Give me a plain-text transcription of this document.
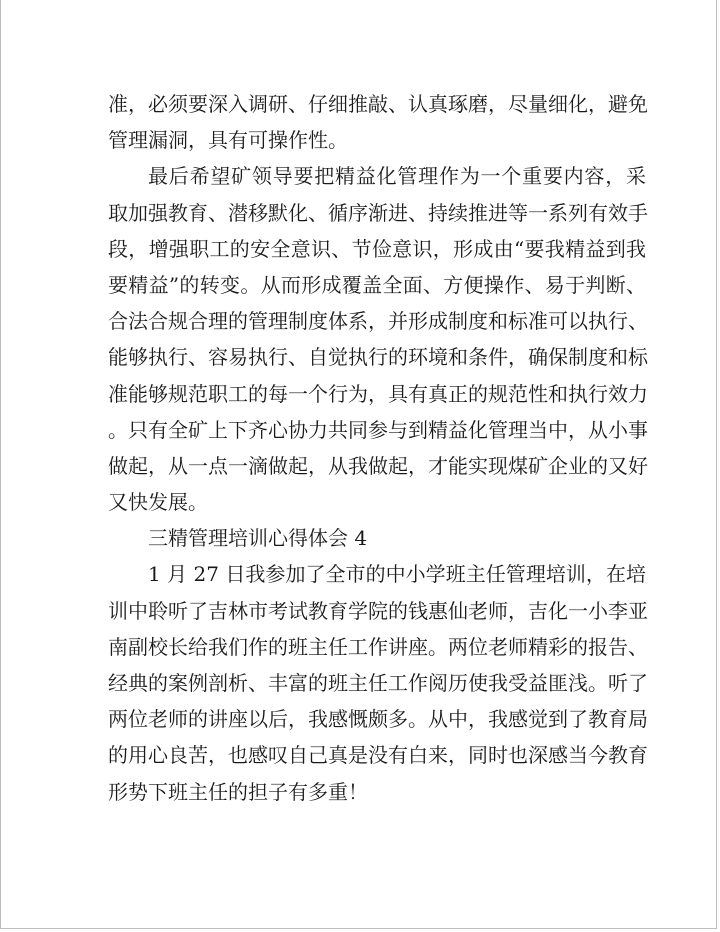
准，必须要深入调研、仔细推敲、认真琢磨，尽量细化，避免
管理漏洞，具有可操作性。
最后希望矿领导要把精益化管理作为一个重要内容，采
取加强教育、潜移默化、循序渐进、持续推进等一系列有效手
段，增强职工的安全意识、节俭意识，形成由“要我精益到我
要精益”的转变。从而形成覆盖全面、方便操作、易于判断、
合法合规合理的管理制度体系，并形成制度和标准可以执行、
能够执行、容易执行、自觉执行的环境和条件，确保制度和标
准能够规范职工的每一个行为，具有真正的规范性和执行效力
。只有全矿上下齐心协力共同参与到精益化管理当中，从小事
做起，从一点一滴做起，从我做起，才能实现煤矿企业的又好
又快发展。
三精管理培训心得体会 4
1 月 27 日我参加了全市的中小学班主任管理培训，在培
训中聆听了吉林市考试教育学院的钱惠仙老师，吉化一小李亚
南副校长给我们作的班主任工作讲座。两位老师精彩的报告、
经典的案例剖析、丰富的班主任工作阅历使我受益匪浅。听了
两位老师的讲座以后，我感慨颇多。从中，我感觉到了教育局
的用心良苦，也感叹自己真是没有白来，同时也深感当今教育
形势下班主任的担子有多重！
